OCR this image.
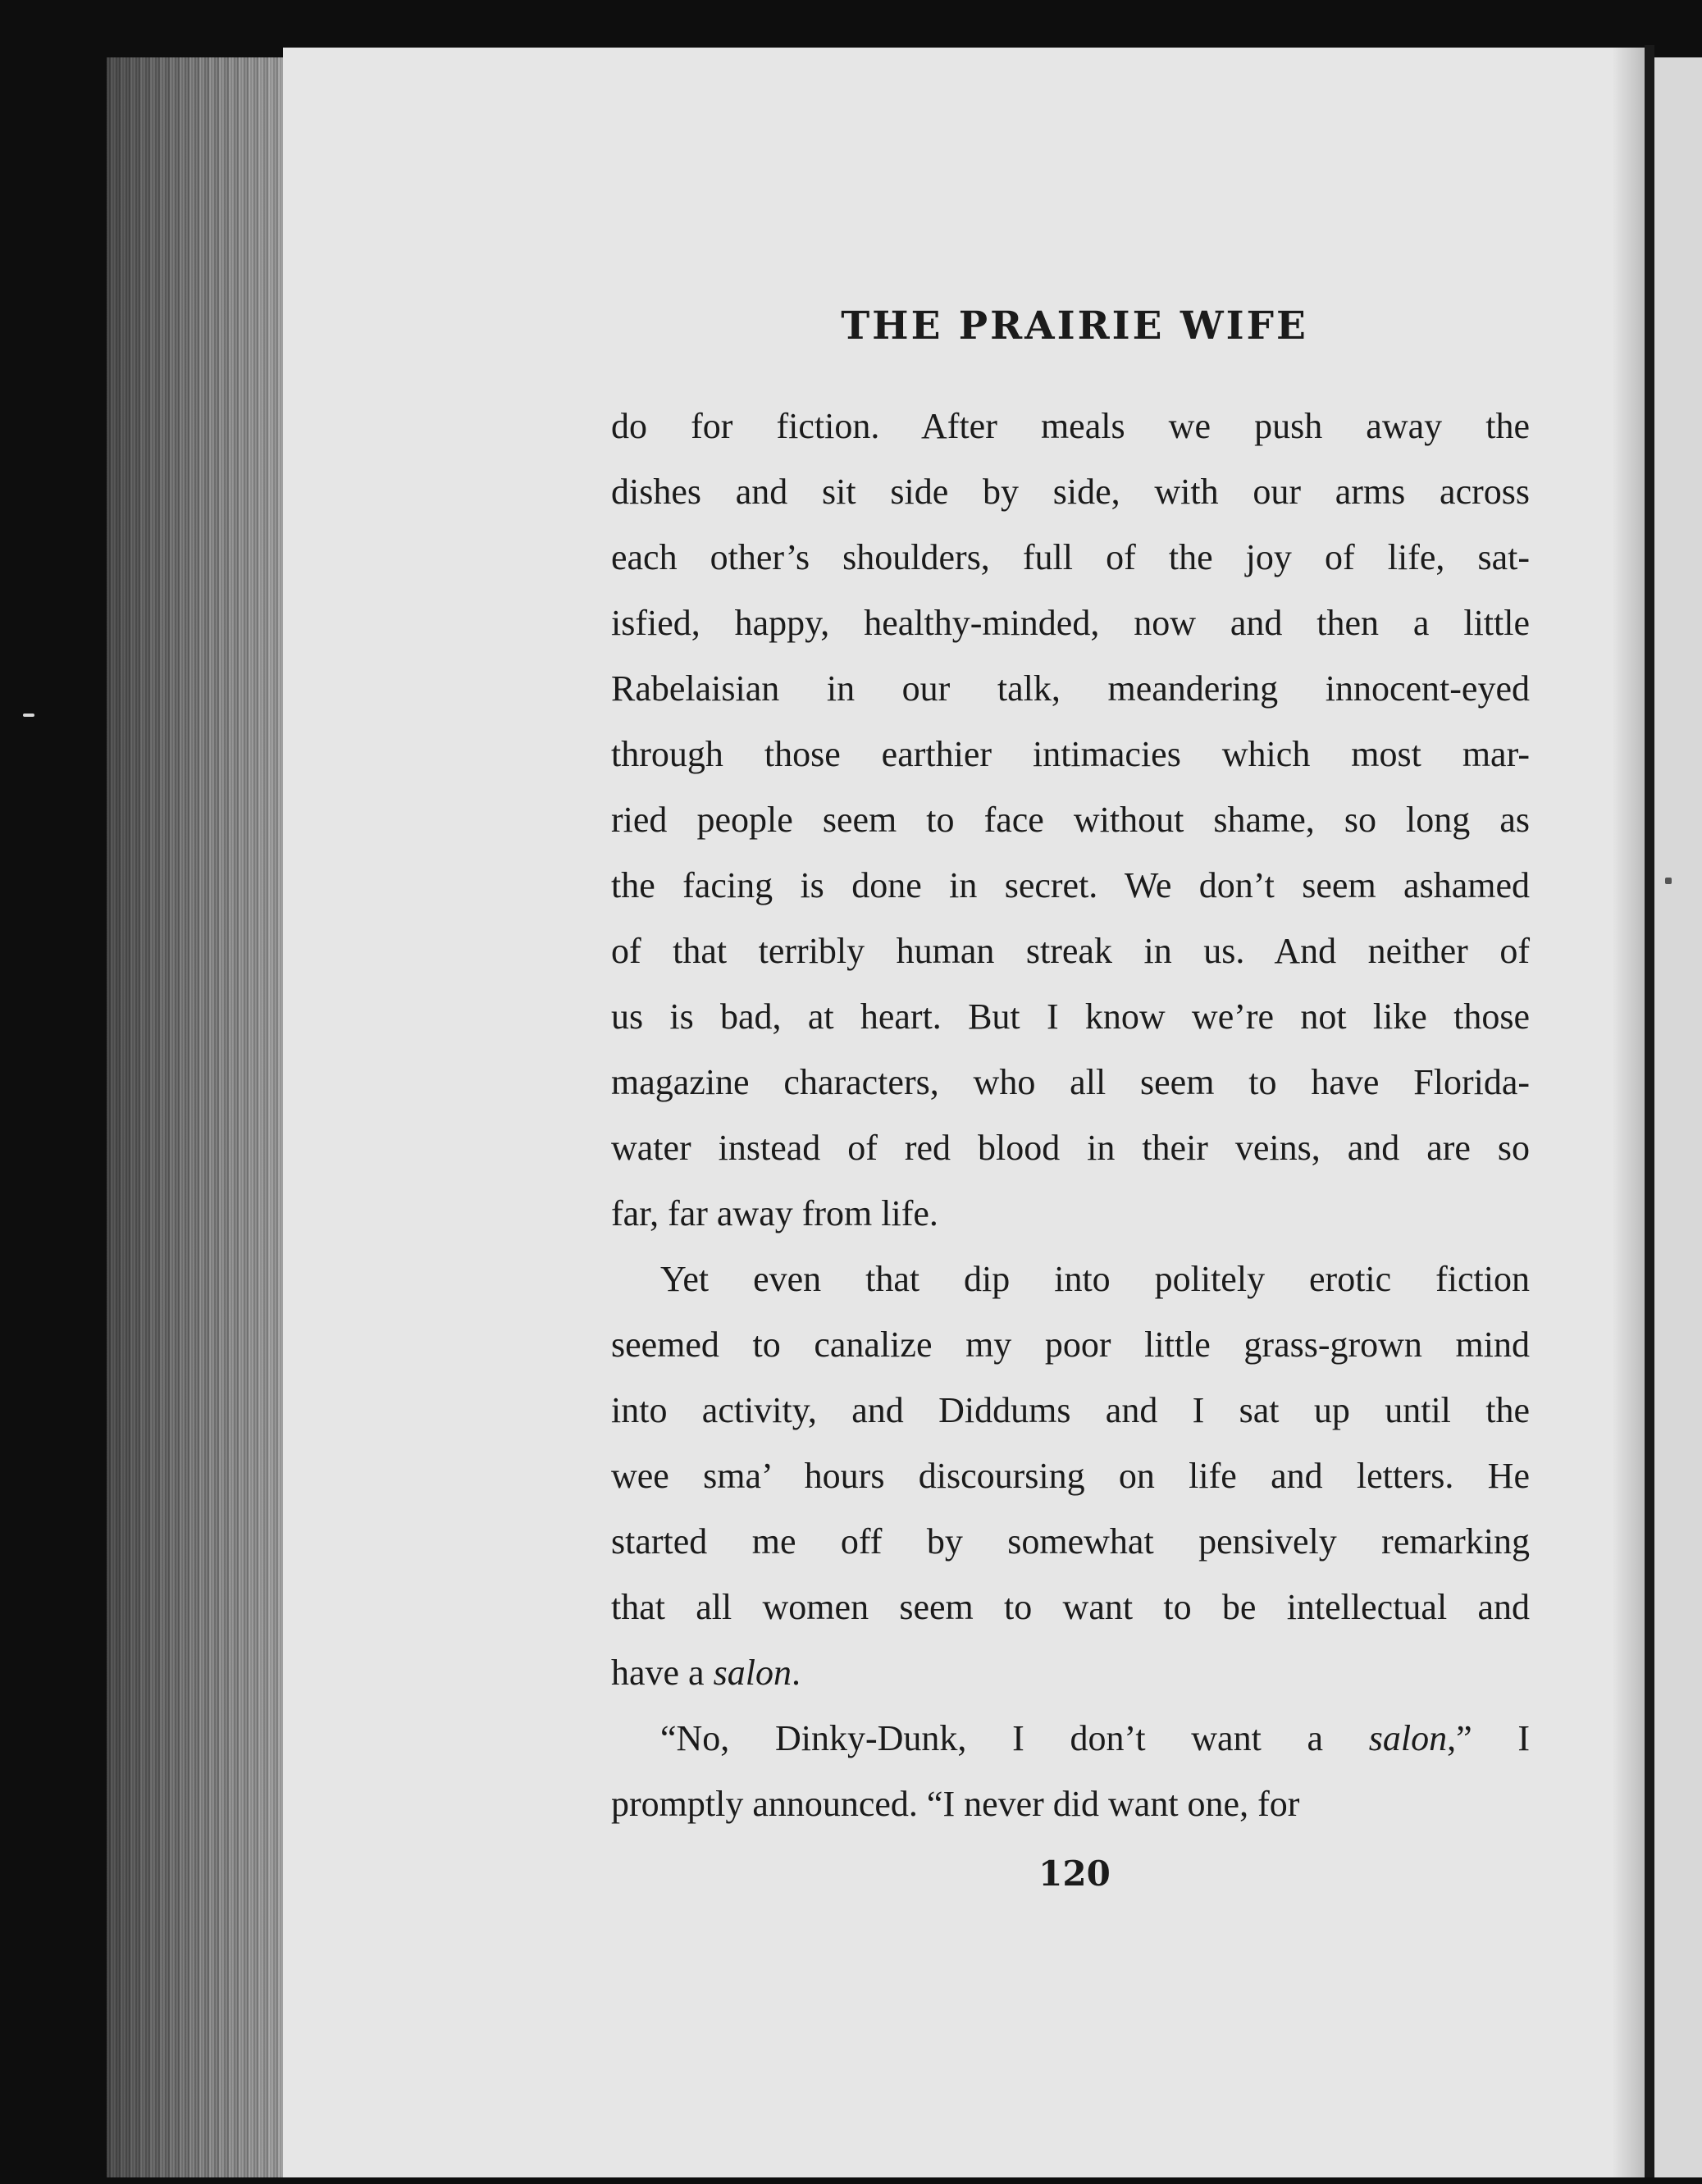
THE PRAIRIE WIFE

do for fiction. After meals we push away the
dishes and sit side by side, with our arms across
each other’s shoulders, full of the joy of life, sat-
isfied, happy, healthy-minded, now and then a little
Rabelaisian in our talk, meandering innocent-eyed
through those earthier intimacies which most mar-
ried people seem to face without shame, so long as
the facing is done in secret. We don’t seem ashamed
of that terribly human streak in us. And neither of
us is bad, at heart. But I know we’re not like those
magazine characters, who all seem to have Florida-
water instead of red blood in their veins, and are so
far, far away from life.

Yet even that dip into politely erotic fiction
seemed to canalize my poor little grass-grown mind
into activity, and Diddums and I sat up until the
wee sma’ hours discoursing on life and letters. He
started me off by somewhat pensively remarking
that all women seem to want to be intellectual and
have a salon.

“No, Dinky-Dunk, I don’t want a salon,” I
promptly announced. “I never did want one, for

120
